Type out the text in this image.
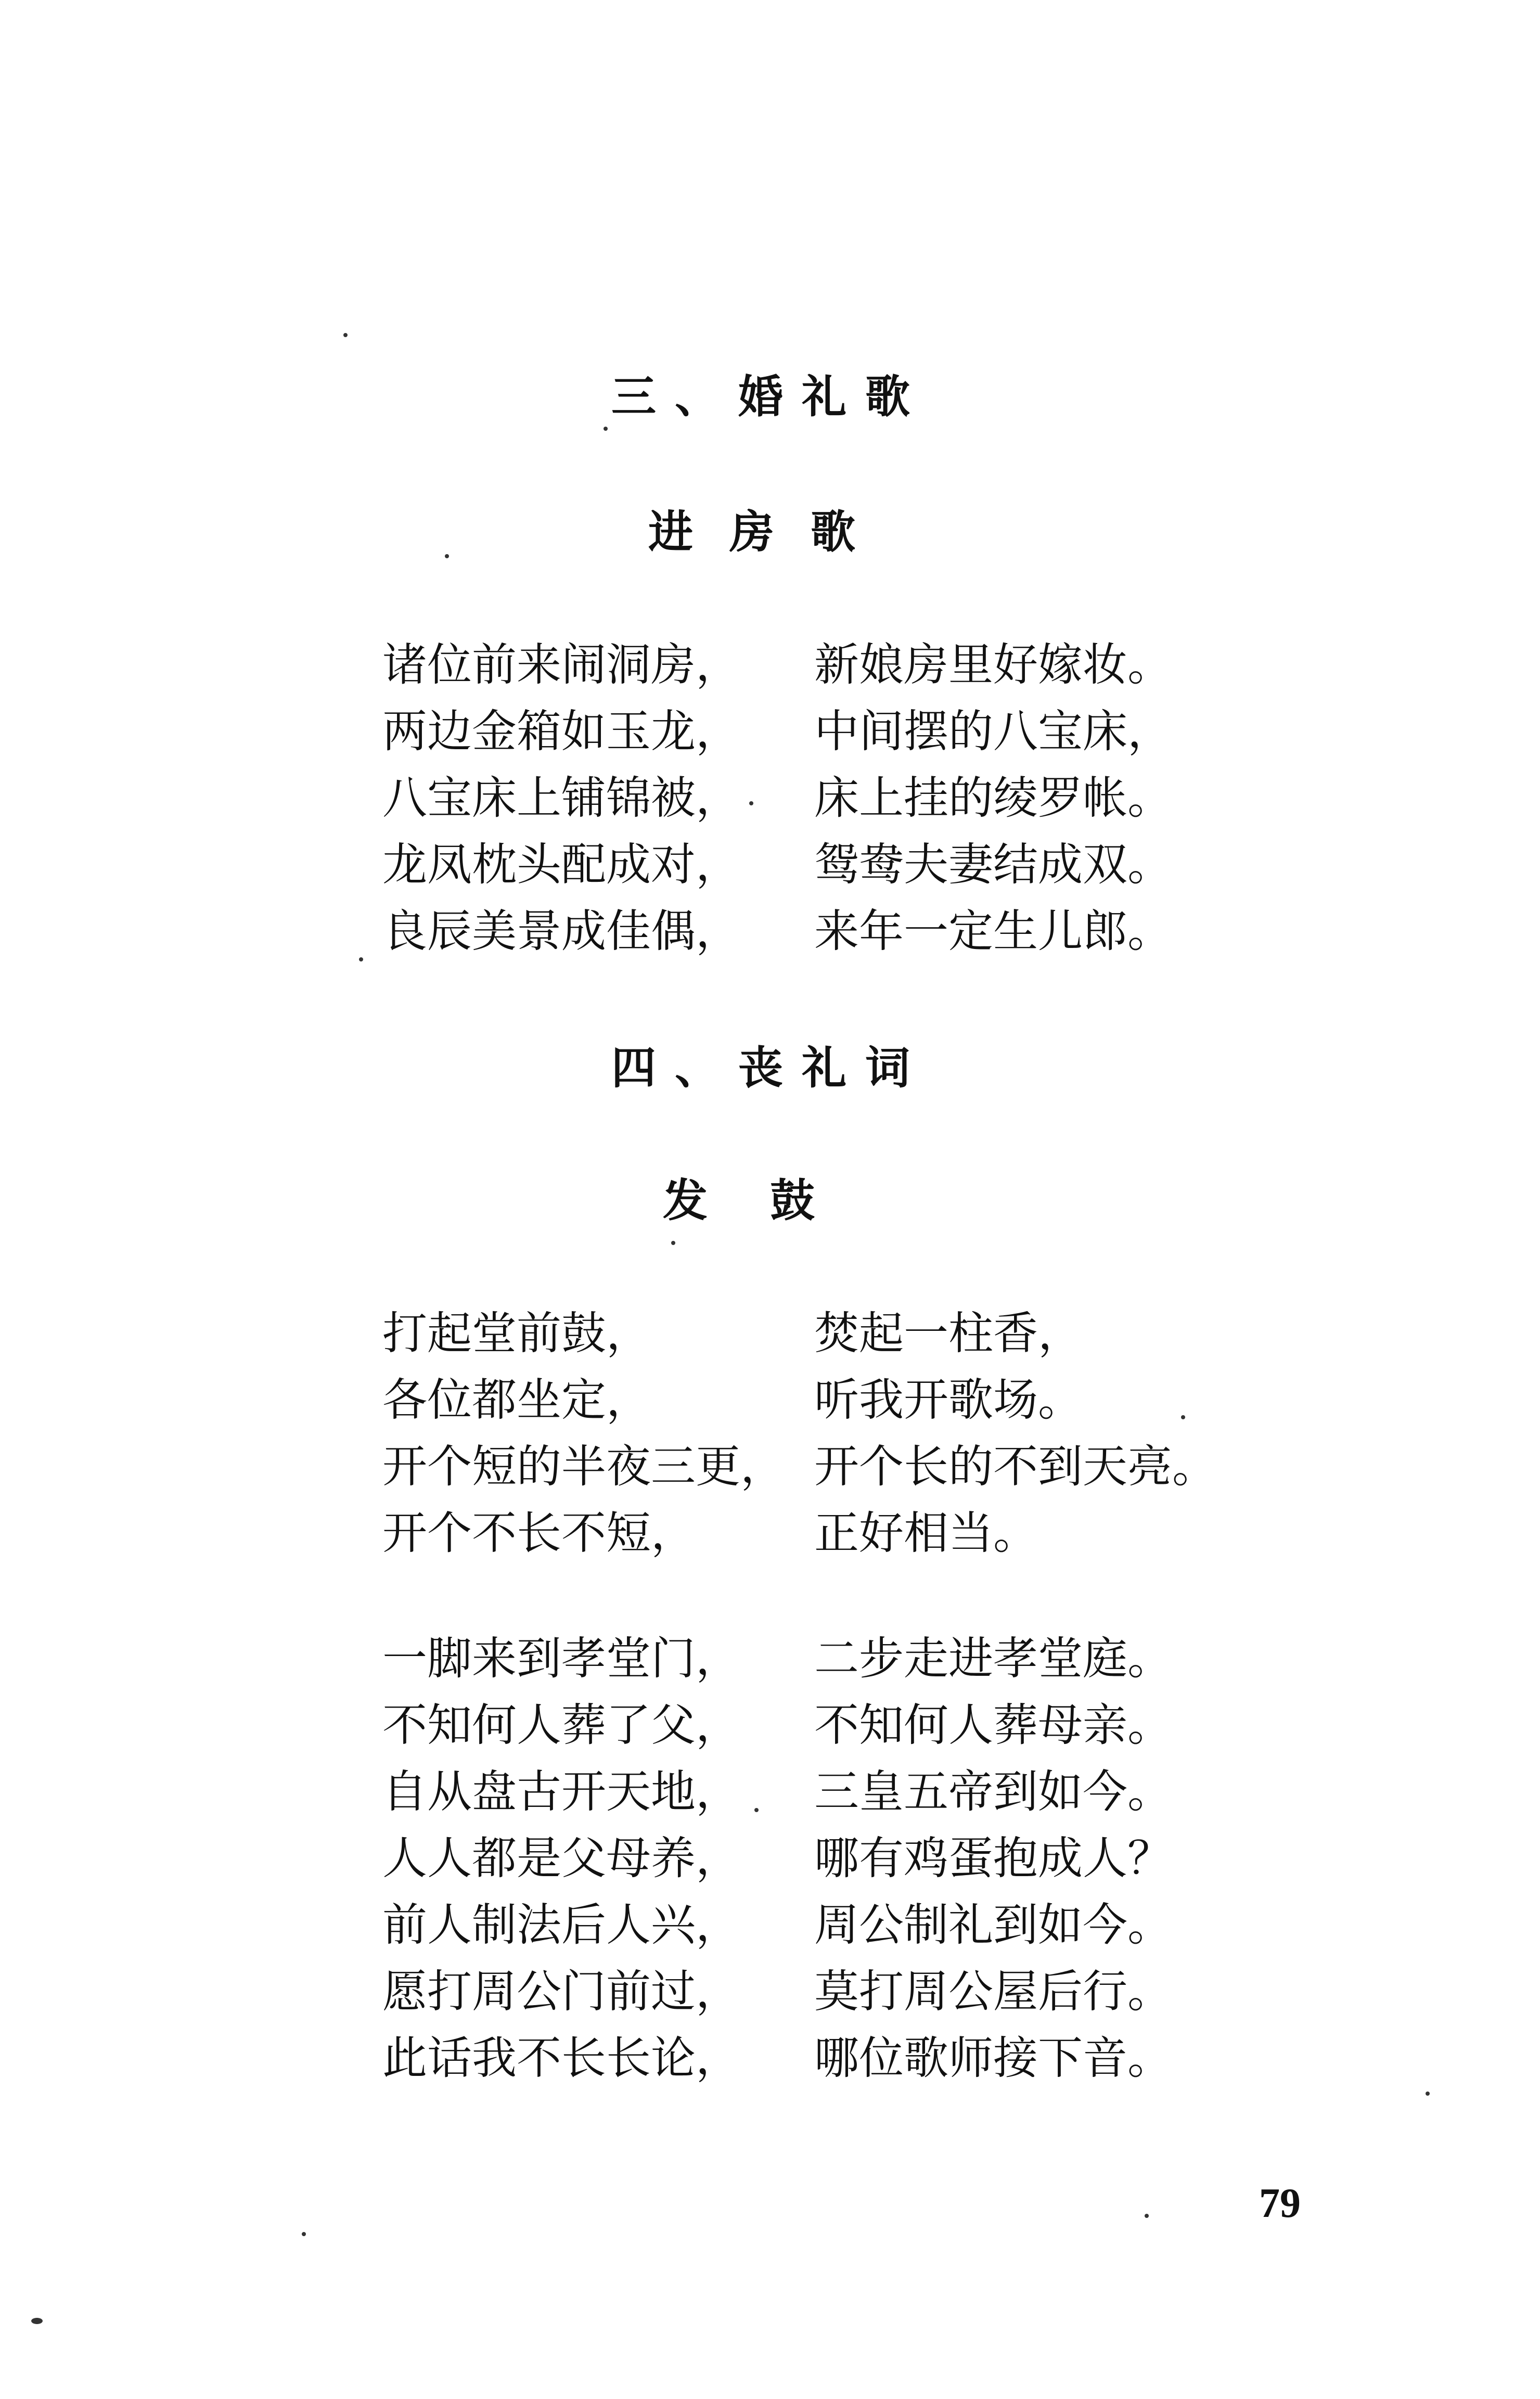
三、婚礼歌
进房歌
诸位前来闹洞房， 新娘房里好嫁妆。
两边金箱如玉龙， 中间摆的八宝床，
八宝床上铺锦被， 床上挂的绫罗帐。
龙凤枕头配成对， 鸳鸯夫妻结成双。
良辰美景成佳偶， 来年一定生儿郎。
四、丧礼词
发鼓
打起堂前鼓，	焚起一柱香，
各位都坐定，	听我开歌场。
开个短的半夜三更， 开个长的不到天亮。
开个不长不短，	正好相当。
一脚来到孝堂门， 二步走进孝堂庭。
不知何人葬了父， 不知何人葬母亲。
自从盘古开天地， 三皇五帝到如今。
人人都是父母养， 哪有鸡蛋抱成人？
前人制法后人兴， 周公制礼到如今。
愿打周公门前过， 莫打周公屋后行。
此话我不长长论， 哪位歌师接下音。
79
